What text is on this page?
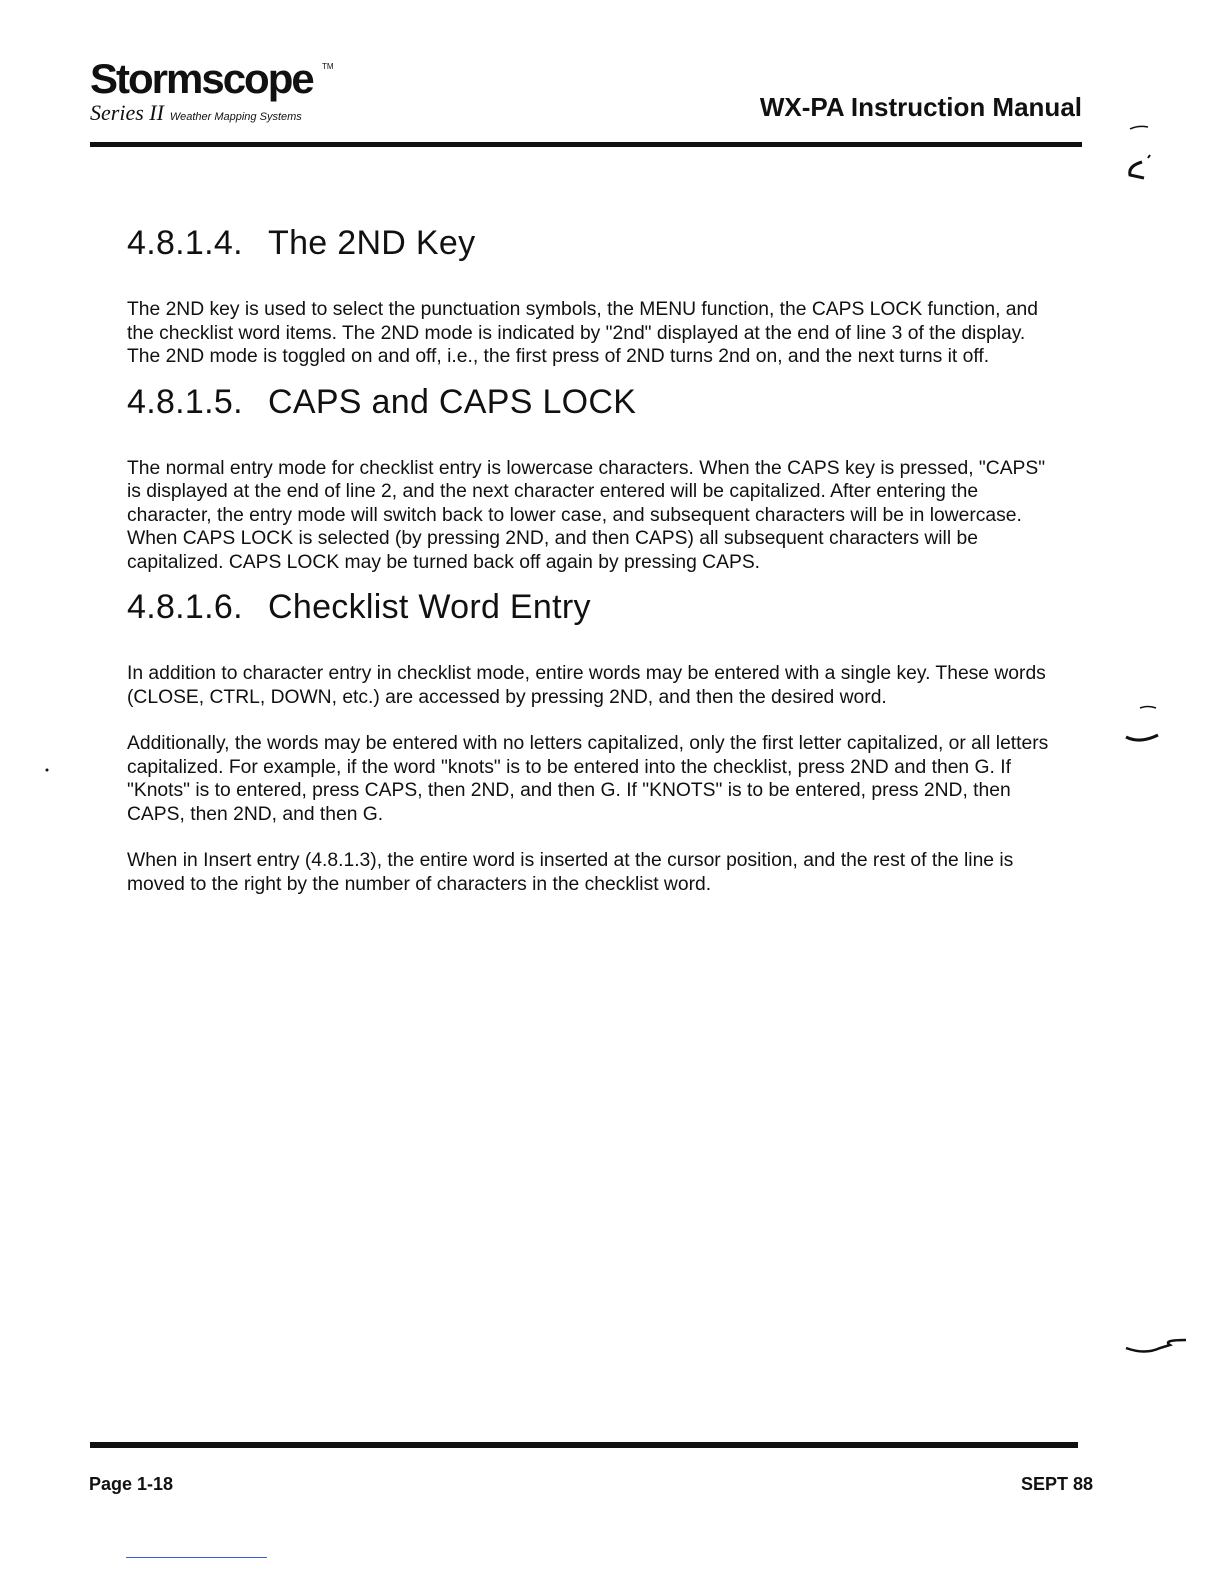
Stormscope TM
Series II Weather Mapping Systems	WX-PA Instruction Manual
4.8.1.4. The 2ND Key

The 2ND key is used to select the punctuation symbols, the MENU function, the CAPS LOCK function, and the checklist word items. The 2ND mode is indicated by "2nd" displayed at the end of line 3 of the display. The 2ND mode is toggled on and off, i.e., the first press of 2ND turns 2nd on, and the next turns it off.

4.8.1.5. CAPS and CAPS LOCK

The normal entry mode for checklist entry is lowercase characters. When the CAPS key is pressed, "CAPS" is displayed at the end of line 2, and the next character entered will be capitalized. After entering the character, the entry mode will switch back to lower case, and subsequent characters will be in lowercase. When CAPS LOCK is selected (by pressing 2ND, and then CAPS) all subsequent characters will be capitalized. CAPS LOCK may be turned back off again by pressing CAPS.

4.8.1.6. Checklist Word Entry

In addition to character entry in checklist mode, entire words may be entered with a single key. These words (CLOSE, CTRL, DOWN, etc.) are accessed by pressing 2ND, and then the desired word.

Additionally, the words may be entered with no letters capitalized, only the first letter capitalized, or all letters capitalized. For example, if the word "knots" is to be entered into the checklist, press 2ND and then G. If "Knots" is to entered, press CAPS, then 2ND, and then G. If "KNOTS" is to be entered, press 2ND, then CAPS, then 2ND, and then G.

When in Insert entry (4.8.1.3), the entire word is inserted at the cursor position, and the rest of the line is moved to the right by the number of characters in the checklist word.

Page 1-18	SEPT 88
